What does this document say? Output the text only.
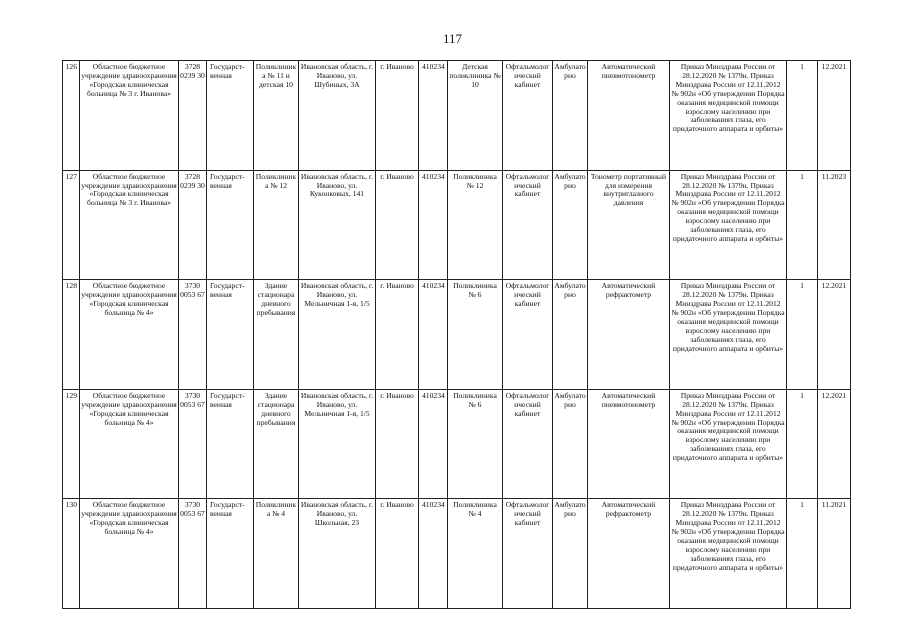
117
126	Областное бюджетное учреждение здравоохранения «Городская клиническая больница № 3 г. Иванова»	3728 0239 30	Государст-венная	Поликлиника № 11 и детская 10	Ивановская область, г. Иваново, ул. Шубиных, 3А	г. Иваново	410234	Детская поликлиника № 10	Офтальмологический кабинет	Амбулаторно	Автоматический пневмотонометр	Приказ Минздрава России от 28.12.2020 № 1379н. Приказ Минздрава России от 12.11.2012 № 902н «Об утверждении Порядка оказания медицинской помощи взрослому населению при заболеваниях глаза, его придаточного аппарата и орбиты»	1	12.2021
127	Областное бюджетное учреждение здравоохранения «Городская клиническая больница № 3 г. Иванова»	3728 0239 30	Государст-венная	Поликлиника № 12	Ивановская область, г. Иваново, ул. Куконковых, 141	г. Иваново	410234	Поликлиника № 12	Офтальмологический кабинет	Амбулаторно	Тонометр портативный для измерения внутриглазного давления	Приказ Минздрава России от 28.12.2020 № 1379н. Приказ Минздрава России от 12.11.2012 № 902н «Об утверждении Порядка оказания медицинской помощи взрослому населению при заболеваниях глаза, его придаточного аппарата и орбиты»	1	11.2023
128	Областное бюджетное учреждение здравоохранения «Городская клиническая больница № 4»	3730 0053 67	Государст-венная	Здание стационара дневного пребывания	Ивановская область, г. Иваново, ул. Мельничная 1-я, 1/5	г. Иваново	410234	Поликлиника № 6	Офтальмологический кабинет	Амбулаторно	Автоматический рефрактометр	Приказ Минздрава России от 28.12.2020 № 1379н. Приказ Минздрава России от 12.11.2012 № 902н «Об утверждении Порядка оказания медицинской помощи взрослому населению при заболеваниях глаза, его придаточного аппарата и орбиты»	1	12.2021
129	Областное бюджетное учреждение здравоохранения «Городская клиническая больница № 4»	3730 0053 67	Государст-венная	Здание стационара дневного пребывания	Ивановская область, г. Иваново, ул. Мельничная 1-я, 1/5	г. Иваново	410234	Поликлиника № 6	Офтальмологический кабинет	Амбулаторно	Автоматический пневмотонометр	Приказ Минздрава России от 28.12.2020 № 1379н. Приказ Минздрава России от 12.11.2012 № 902н «Об утверждении Порядка оказания медицинской помощи взрослому населению при заболеваниях глаза, его придаточного аппарата и орбиты»	1	12.2021
130	Областное бюджетное учреждение здравоохранения «Городская клиническая больница № 4»	3730 0053 67	Государст-венная	Поликлиника № 4	Ивановская область, г. Иваново, ул. Школьная, 23	г. Иваново	410234	Поликлиника № 4	Офтальмологический кабинет	Амбулаторно	Автоматический рефрактометр	Приказ Минздрава России от 28.12.2020 № 1379н. Приказ Минздрава России от 12.11.2012 № 902н «Об утверждении Порядка оказания медицинской помощи взрослому населению при заболеваниях глаза, его придаточного аппарата и орбиты»	1	11.2021
